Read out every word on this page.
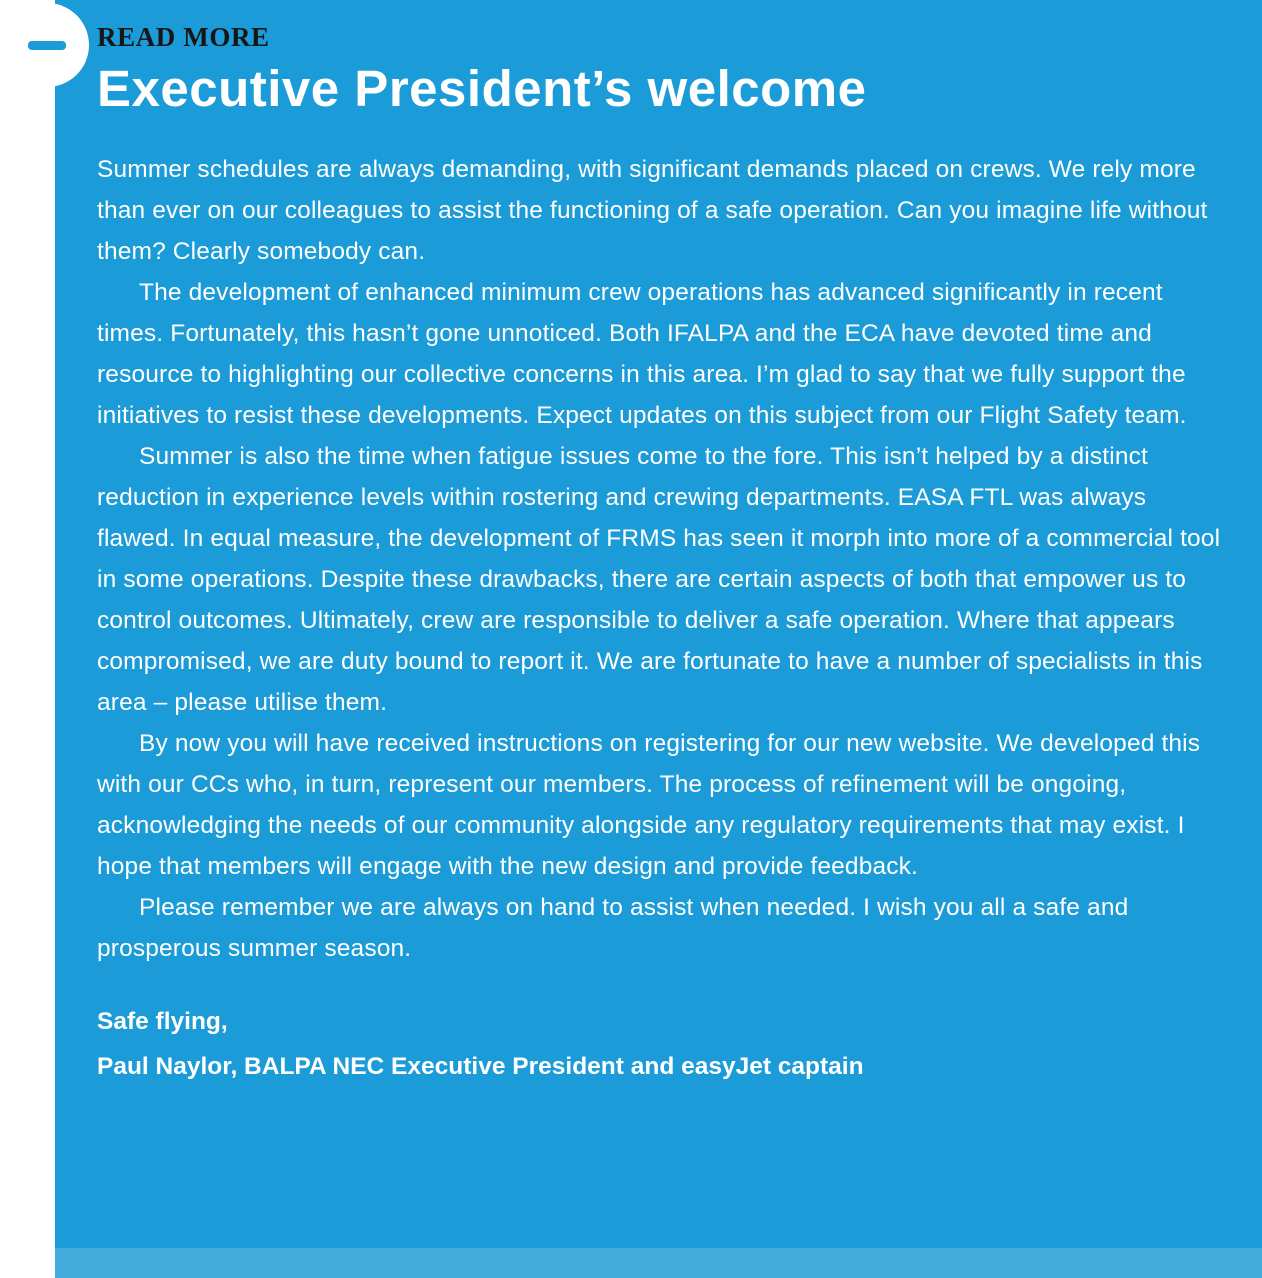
READ MORE
Executive President’s welcome

Summer schedules are always demanding, with significant demands placed on crews. We rely more than ever on our colleagues to assist the functioning of a safe operation. Can you imagine life without them? Clearly somebody can.

The development of enhanced minimum crew operations has advanced significantly in recent times. Fortunately, this hasn’t gone unnoticed. Both IFALPA and the ECA have devoted time and resource to highlighting our collective concerns in this area. I’m glad to say that we fully support the initiatives to resist these developments. Expect updates on this subject from our Flight Safety team.

Summer is also the time when fatigue issues come to the fore. This isn’t helped by a distinct reduction in experience levels within rostering and crewing departments. EASA FTL was always flawed. In equal measure, the development of FRMS has seen it morph into more of a commercial tool in some operations. Despite these drawbacks, there are certain aspects of both that empower us to control outcomes. Ultimately, crew are responsible to deliver a safe operation. Where that appears compromised, we are duty bound to report it. We are fortunate to have a number of specialists in this area – please utilise them.

By now you will have received instructions on registering for our new website. We developed this with our CCs who, in turn, represent our members. The process of refinement will be ongoing, acknowledging the needs of our community alongside any regulatory requirements that may exist. I hope that members will engage with the new design and provide feedback.

Please remember we are always on hand to assist when needed. I wish you all a safe and prosperous summer season.

Safe flying,
Paul Naylor, BALPA NEC Executive President and easyJet captain
